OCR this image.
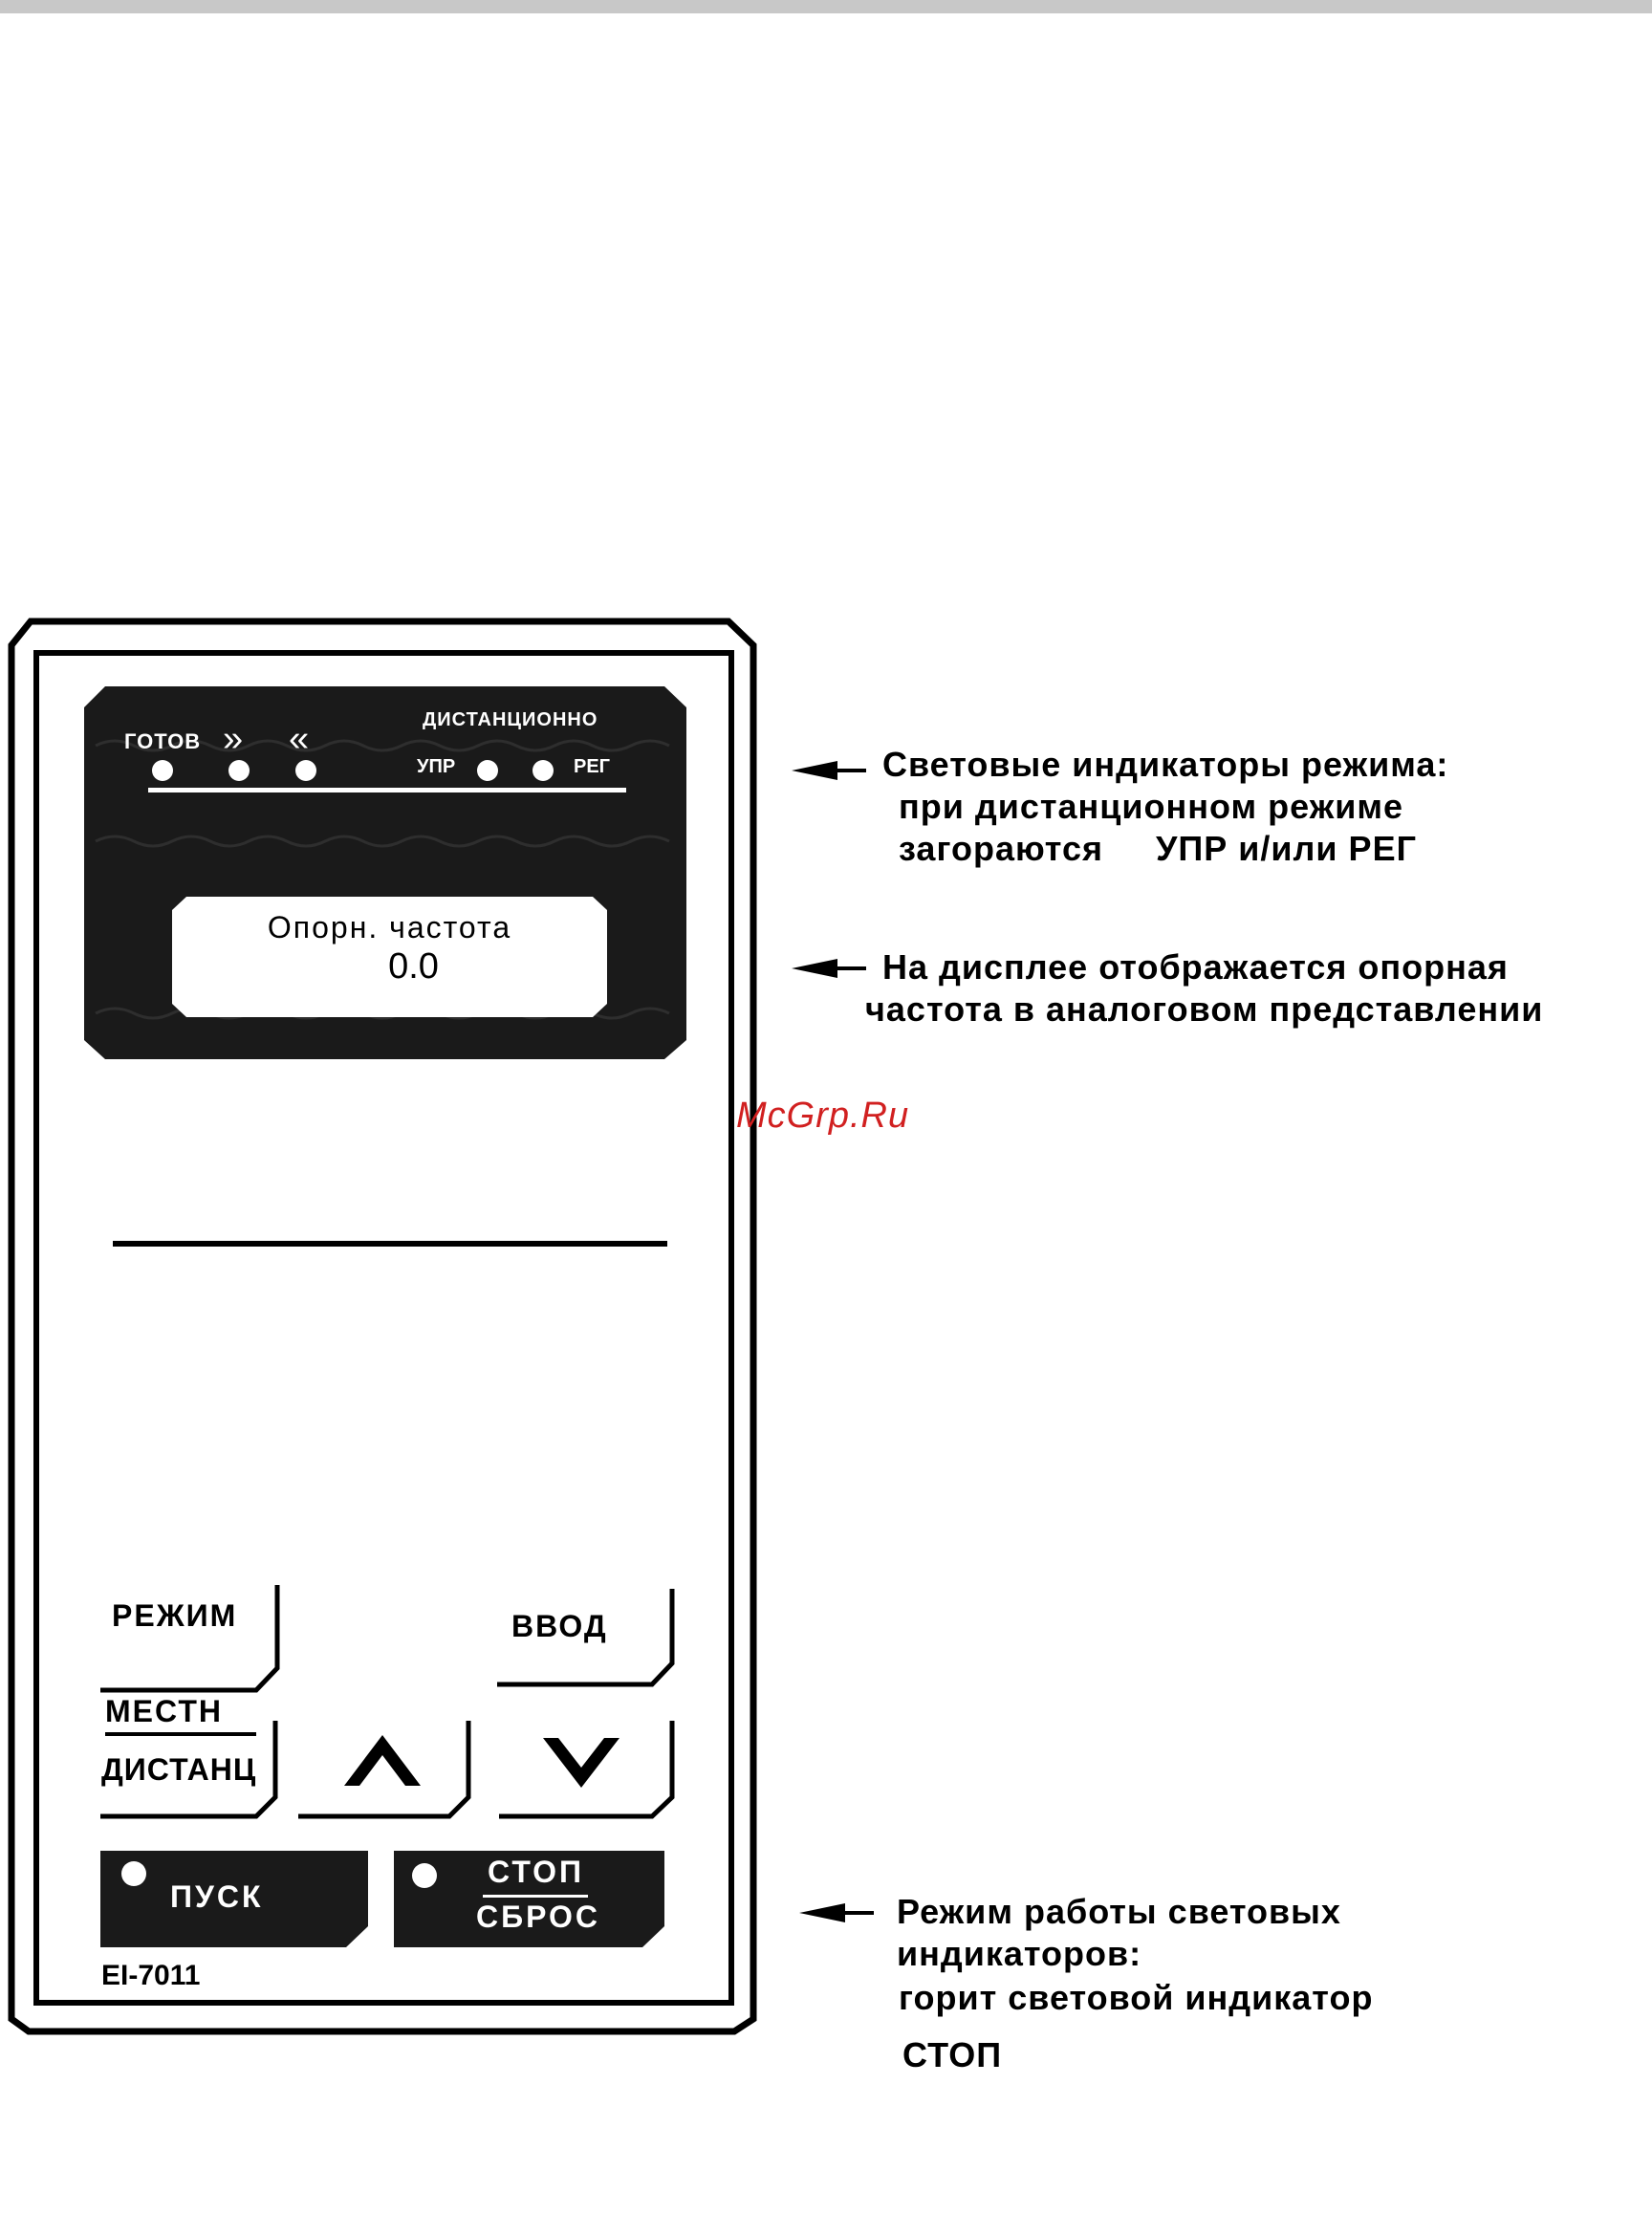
ГОТОВ » «	ДИСТАНЦИОННО
УПР	РЕГ
Опорн. частота
0.0
РЕЖИМ	ВВОД
МЕСТН
ДИСТАНЦ
ПУСК
СТОП
СБРОС
EI-7011
Световые индикаторы режима:
при дистанционном режиме
загораются     УПР и/или РЕГ
На дисплее отображается опорная
частота в аналоговом представлении
Режим работы световых
индикаторов:
горит световой индикатор
СТОП
McGrp.Ru
